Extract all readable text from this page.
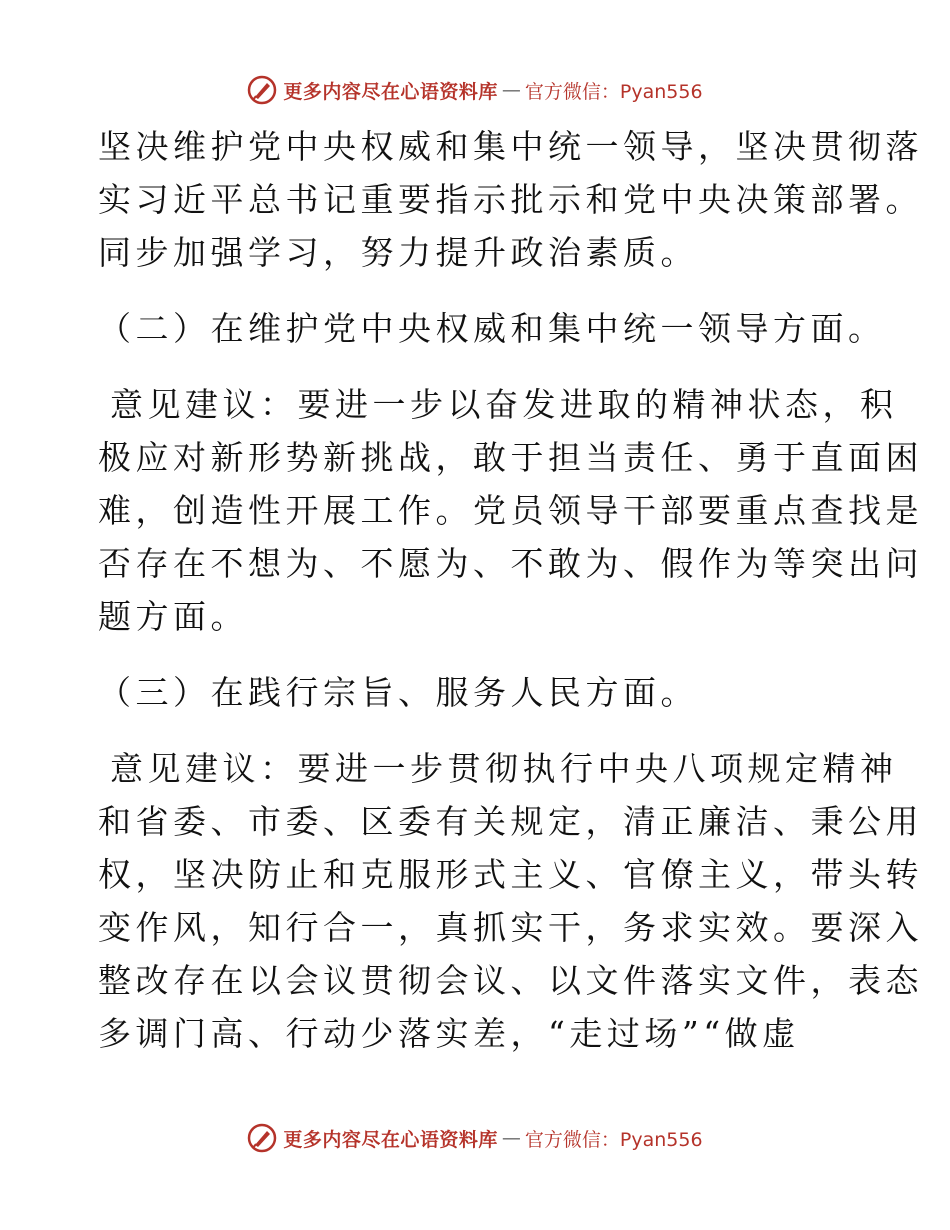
更多内容尽在心语资料库 — 官方微信：Pyan556
坚决维护党中央权威和集中统一领导，坚决贯彻落
实习近平总书记重要指示批示和党中央决策部署。
同步加强学习，努力提升政治素质。
（二）在维护党中央权威和集中统一领导方面。
意见建议：要进一步以奋发进取的精神状态，积
极应对新形势新挑战，敢于担当责任、勇于直面困
难，创造性开展工作。党员领导干部要重点查找是
否存在不想为、不愿为、不敢为、假作为等突出问
题方面。
（三）在践行宗旨、服务人民方面。
意见建议：要进一步贯彻执行中央八项规定精神
和省委、市委、区委有关规定，清正廉洁、秉公用
权，坚决防止和克服形式主义、官僚主义，带头转
变作风，知行合一，真抓实干，务求实效。要深入
整改存在以会议贯彻会议、以文件落实文件，表态
多调门高、行动少落实差，“走过场”“做虚
更多内容尽在心语资料库 — 官方微信：Pyan556
